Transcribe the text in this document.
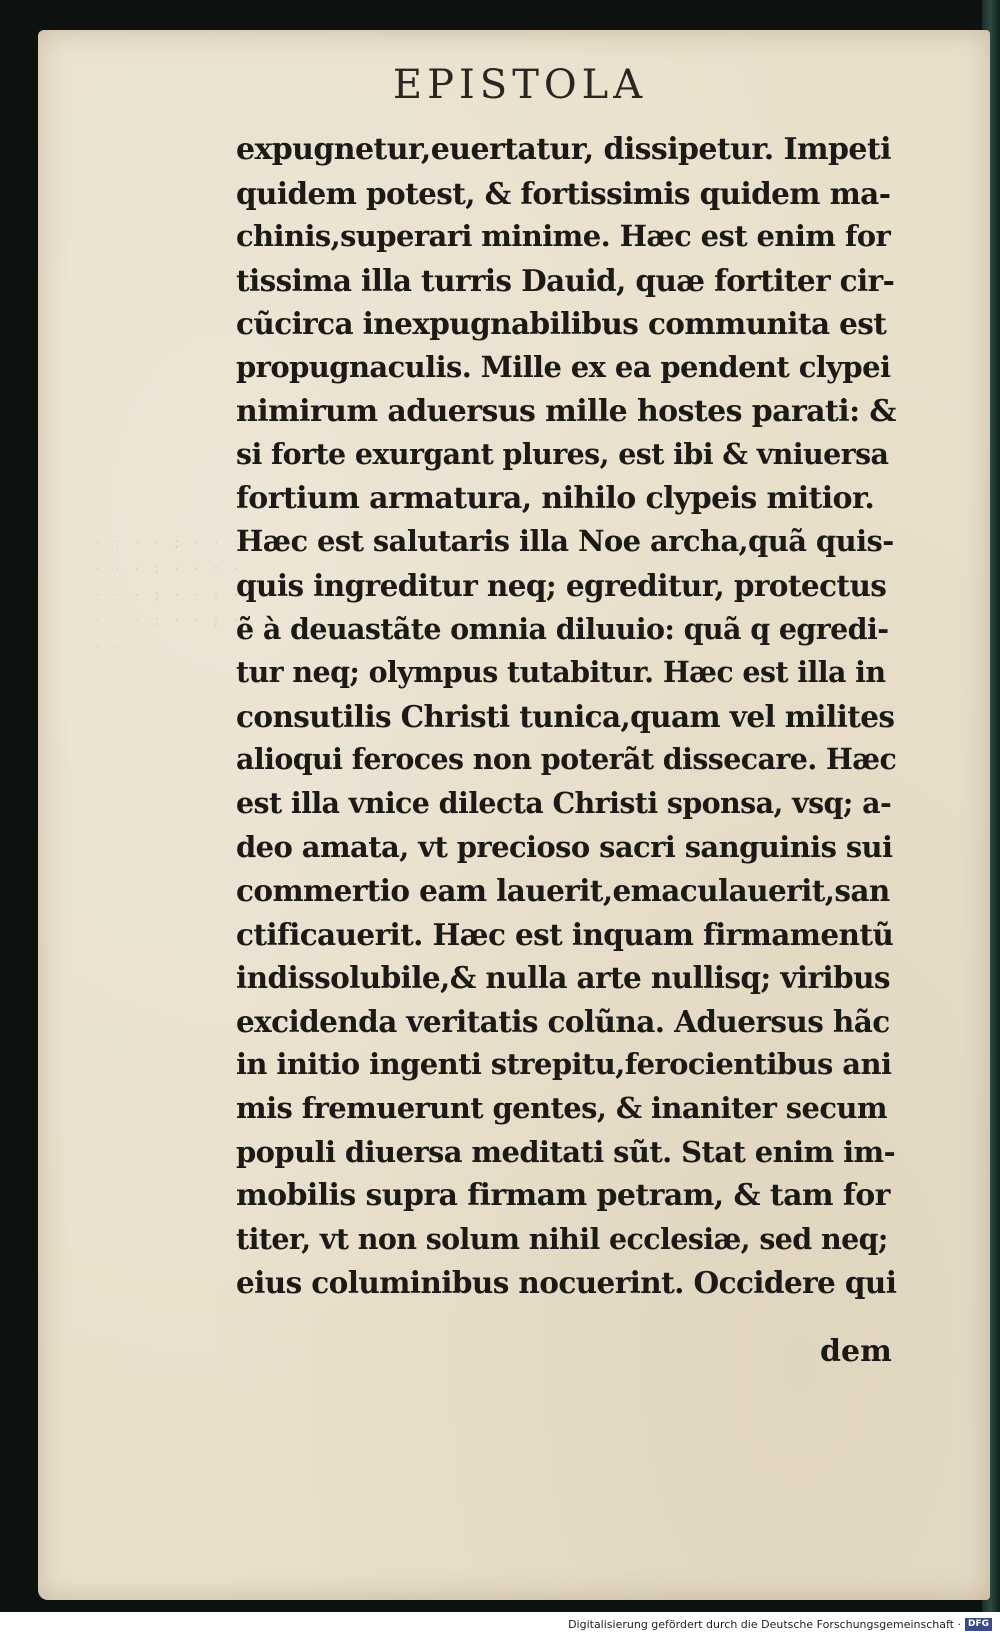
· : · · ; · · : · · · ; · · : · · · · ; · · : · · · · : · · ; · · ·
EPISTOLA
expugnetur,euertatur, dissipetur. Impeti
quidem potest, & fortissimis quidem ma-
chinis,superari minime. Hæc est enim for
tissima illa turris Dauid, quæ fortiter cir-
cũcirca inexpugnabilibus communita est
propugnaculis. Mille ex ea pendent clypei
nimirum aduersus mille hostes parati: &
si forte exurgant plures, est ibi & vniuersa
fortium armatura, nihilo clypeis mitior.
Hæc est salutaris illa Noe archa,quã quis-
quis ingreditur neq; egreditur, protectus
ẽ à deuastãte omnia diluuio: quã q egredi-
tur neq; olympus tutabitur. Hæc est illa in
consutilis Christi tunica,quam vel milites
alioqui feroces non poterãt dissecare. Hæc
est illa vnice dilecta Christi sponsa, vsq; a-
deo amata, vt precioso sacri sanguinis sui
commertio eam lauerit,emaculauerit,san
ctificauerit. Hæc est inquam firmamentũ
indissolubile,& nulla arte nullisq; viribus
excidenda veritatis colũna. Aduersus hãc
in initio ingenti strepitu,ferocientibus ani
mis fremuerunt gentes, & inaniter secum
populi diuersa meditati sũt. Stat enim im-
mobilis supra firmam petram, & tam for
titer, vt non solum nihil ecclesiæ, sed neq;
eius columinibus nocuerint. Occidere qui
dem
Digitalisierung gefördert durch die Deutsche Forschungsgemeinschaft · DFG
